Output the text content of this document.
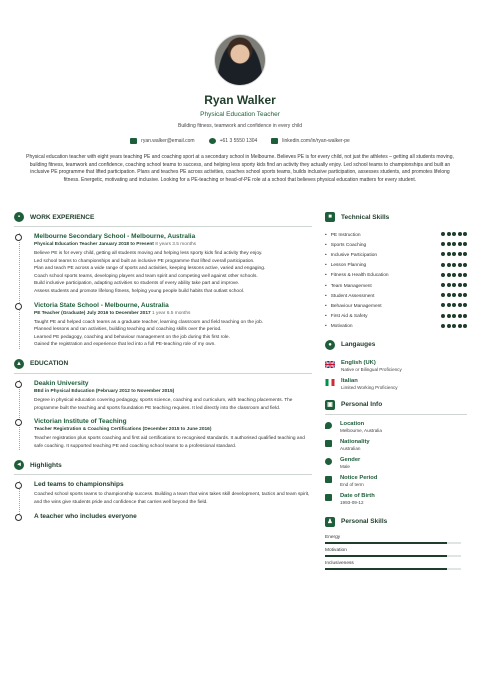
Ryan Walker
Physical Education Teacher
Building fitness, teamwork and confidence in every child
ryan.walker@email.com	+61 3 5550 1304	linkedin.com/in/ryan-walker-pe

Physical education teacher with eight years teaching PE and coaching sport at a secondary school in Melbourne. Believes PE is for every child, not just the athletes – getting all students moving, building fitness, teamwork and confidence, coaching school teams to success, and helping less sporty kids find an activity they actually enjoy. Led school teams to championships and built an inclusive PE programme that lifted participation. Plans and teaches PE across activities, coaches school sports teams, builds inclusive participation, assesses students, and promotes lifelong fitness. Energetic, motivating and inclusive. Looking for a PE-teaching or head-of-PE role at a school that believes physical education matters for every student.

▪	WORK EXPERIENCE
Melbourne Secondary School - Melbourne, Australia
Physical Education Teacher January 2018 to Present 8 years 3.5 months
Believe PE is for every child, getting all students moving and helping less sporty kids find activity they enjoy.
Led school teams to championships and built an inclusive PE programme that lifted overall participation.
Plan and teach PE across a wide range of sports and activities, keeping lessons active, varied and engaging.
Coach school sports teams, developing players and team spirit and competing well against other schools.
Build inclusive participation, adapting activities so students of every ability take part and improve.
Assess students and promote lifelong fitness, helping young people build habits that outlast school.
Victoria State School - Melbourne, Australia
PE Teacher (Graduate) July 2016 to December 2017 1 year 6.5 months
Taught PE and helped coach teams as a graduate teacher, learning classroom and field teaching on the job.
Planned lessons and ran activities, building teaching and coaching skills over the period.
Learned PE pedagogy, coaching and behaviour management on the job during this first role.
Gained the registration and experience that led into a full PE-teaching role of my own.
▲	EDUCATION
Deakin University
BEd in Physical Education (February 2012 to November 2015)
Degree in physical education covering pedagogy, sports science, coaching and curriculum, with teaching placements. The programme built the teaching and sports foundation PE teaching requires. It led directly into the classroom and field.
Victorian Institute of Teaching
Teacher Registration & Coaching Certifications (December 2015 to June 2016)
Teacher registration plus sports coaching and first aid certifications to recognised standards. It authorised qualified teaching and safe coaching. It supported teaching PE and coaching school teams to a professional standard.
◄	Highlights
Led teams to championships
Coached school sports teams to championship success. Building a team that wins takes skill development, tactics and team spirit, and the wins give students pride and confidence that carries well beyond the field.
A teacher who includes everyone
■	Technical Skills
• PE Instruction
• Sports Coaching
• Inclusive Participation
• Lesson Planning
• Fitness & Health Education
• Team Management
• Student Assessment
• Behaviour Management
• First Aid & Safety
• Motivation
●	Langauges
English (UK)
Native or Bilingual Proficiency
Italian
Limited Working Proficiency
▣	Personal Info
Location
Melbourne, Australia
Nationality
Australian
Gender
Male
Notice Period
End of term
Date of Birth
1993-09-12
♟	Personal Skills
Energy
Motivation
Inclusiveness
